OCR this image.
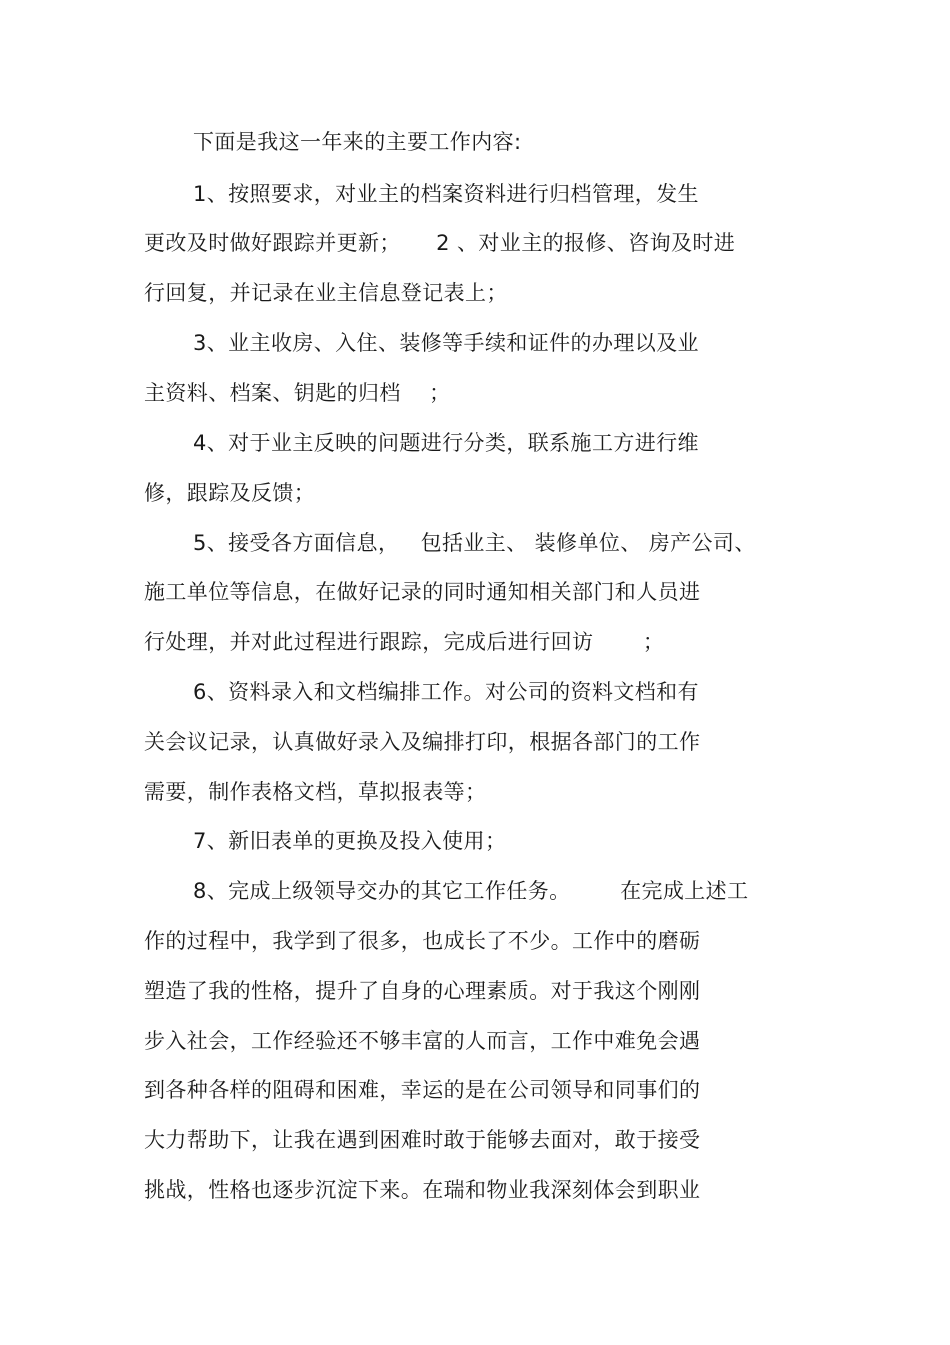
下面是我这一年来的主要工作内容:
1、按照要求，对业主的档案资料进行归档管理，发生
更改及时做好跟踪并更新；     2 、对业主的报修、咨询及时进
行回复，并记录在业主信息登记表上；
3、业主收房、入住、装修等手续和证件的办理以及业
主资料、档案、钥匙的归档    ；
4、对于业主反映的问题进行分类，联系施工方进行维
修，跟踪及反馈；
5、接受各方面信息，   包括业主、 装修单位、 房产公司、
施工单位等信息，在做好记录的同时通知相关部门和人员进
行处理，并对此过程进行跟踪，完成后进行回访       ；
6、资料录入和文档编排工作。对公司的资料文档和有
关会议记录，认真做好录入及编排打印，根据各部门的工作
需要，制作表格文档，草拟报表等；
7、新旧表单的更换及投入使用；
8、完成上级领导交办的其它工作任务。       在完成上述工
作的过程中，我学到了很多，也成长了不少。工作中的磨砺
塑造了我的性格，提升了自身的心理素质。对于我这个刚刚
步入社会，工作经验还不够丰富的人而言，工作中难免会遇
到各种各样的阻碍和困难，幸运的是在公司领导和同事们的
大力帮助下，让我在遇到困难时敢于能够去面对，敢于接受
挑战，性格也逐步沉淀下来。在瑞和物业我深刻体会到职业
